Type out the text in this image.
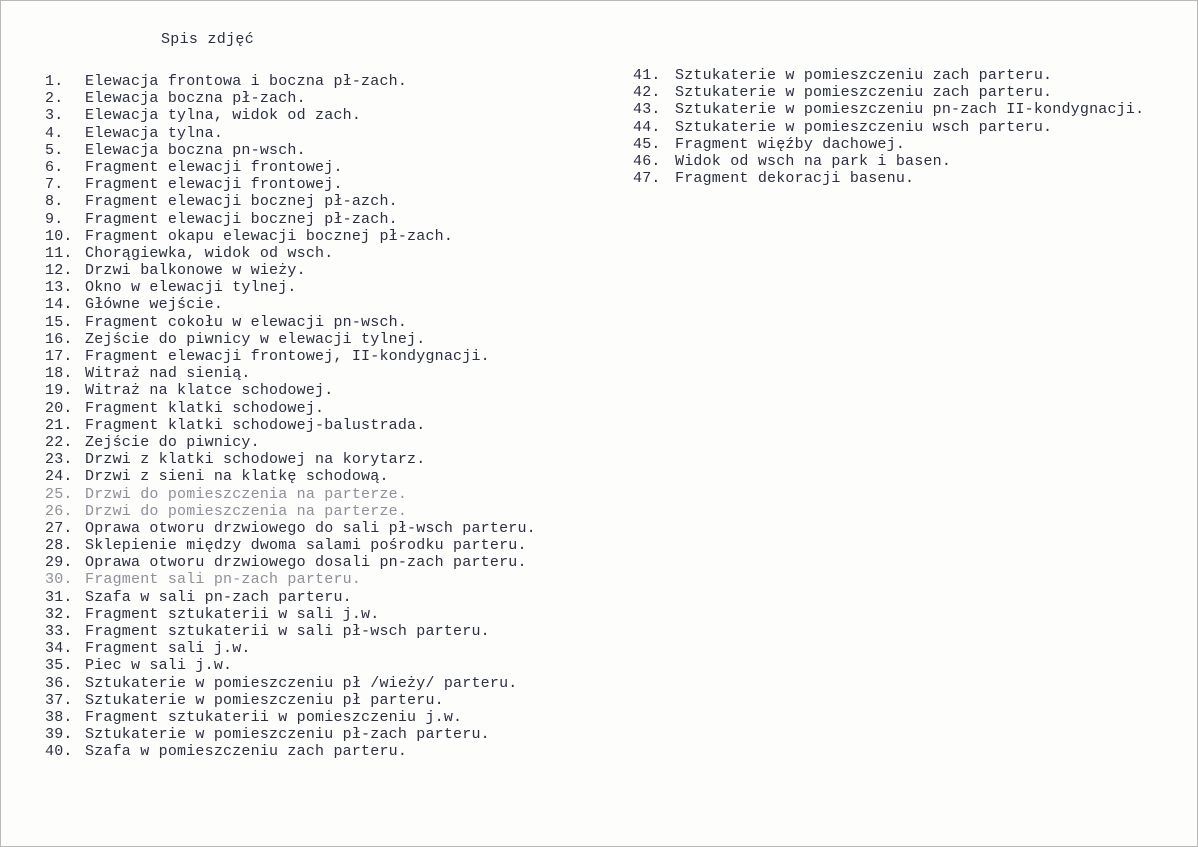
Spis zdjęć
1.	Elewacja frontowa i boczna pł-zach.
2.	Elewacja boczna pł-zach.
3.	Elewacja tylna, widok od zach.
4.	Elewacja tylna.
5.	Elewacja boczna pn-wsch.
6.	Fragment elewacji frontowej.
7.	Fragment elewacji frontowej.
8.	Fragment elewacji bocznej pł-azch.
9.	Fragment elewacji bocznej pł-zach.
10. Fragment okapu elewacji bocznej pł-zach.
11. Chorągiewka, widok od wsch.
12. Drzwi balkonowe w wieży.
13. Okno w elewacji tylnej.
14. Główne wejście.
15. Fragment cokołu w elewacji pn-wsch.
16. Zejście do piwnicy w elewacji tylnej.
17. Fragment elewacji frontowej, II-kondygnacji.
18. Witraż nad sienią.
19. Witraż na klatce schodowej.
20. Fragment klatki schodowej.
21. Fragment klatki schodowej-balustrada.
22. Zejście do piwnicy.
23. Drzwi z klatki schodowej na korytarz.
24. Drzwi z sieni na klatkę schodową.
25. Drzwi do pomieszczenia na parterze.
26. Drzwi do pomieszczenia na parterze.
27. Oprawa otworu drzwiowego do sali pł-wsch parteru.
28. Sklepienie między dwoma salami pośrodku parteru.
29. Oprawa otworu drzwiowego dosali pn-zach parteru.
30. Fragment sali pn-zach parteru.
31. Szafa w sali pn-zach parteru.
32. Fragment sztukaterii w sali j.w.
33. Fragment sztukaterii w sali pł-wsch parteru.
34. Fragment sali j.w.
35. Piec w sali j.w.
36. Sztukaterie w pomieszczeniu pł /wieży/ parteru.
37. Sztukaterie w pomieszczeniu pł parteru.
38. Fragment sztukaterii w pomieszczeniu j.w.
39. Sztukaterie w pomieszczeniu pł-zach parteru.
40. Szafa w pomieszczeniu zach parteru.
41. Sztukaterie w pomieszczeniu zach parteru.
42. Sztukaterie w pomieszczeniu zach parteru.
43. Sztukaterie w pomieszczeniu pn-zach II-kondygnacji.
44. Sztukaterie w pomieszczeniu wsch parteru.
45. Fragment więźby dachowej.
46. Widok od wsch na park i basen.
47. Fragment dekoracji basenu.
